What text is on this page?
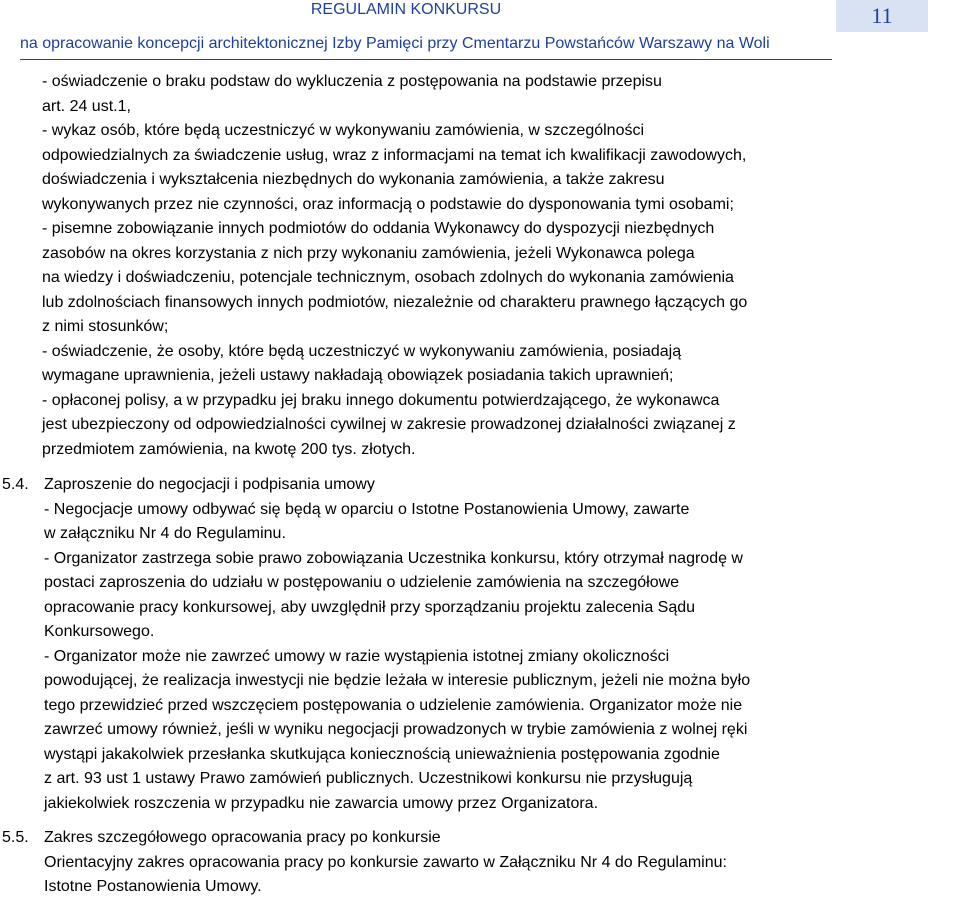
REGULAMIN KONKURSU
na opracowanie koncepcji architektonicznej Izby Pamięci przy Cmentarzu Powstańców Warszawy na Woli
11
- oświadczenie o braku podstaw do wykluczenia z postępowania na podstawie przepisu
art. 24 ust.1,
- wykaz osób, które będą uczestniczyć w wykonywaniu zamówienia, w szczególności
odpowiedzialnych za świadczenie usług, wraz z informacjami na temat ich kwalifikacji zawodowych,
doświadczenia i wykształcenia niezbędnych do wykonania zamówienia, a także zakresu
wykonywanych przez nie czynności, oraz informacją o podstawie do dysponowania tymi osobami;
- pisemne zobowiązanie innych podmiotów do oddania Wykonawcy do dyspozycji niezbędnych
zasobów na okres korzystania z nich przy wykonaniu zamówienia, jeżeli Wykonawca polega
na wiedzy i doświadczeniu, potencjale technicznym, osobach zdolnych do wykonania zamówienia
lub zdolnościach finansowych innych podmiotów, niezależnie od charakteru prawnego łączących go
z nimi stosunków;
- oświadczenie, że osoby, które będą uczestniczyć w wykonywaniu zamówienia, posiadają
wymagane uprawnienia, jeżeli ustawy nakładają obowiązek posiadania takich uprawnień;
- opłaconej polisy, a w przypadku jej braku innego dokumentu potwierdzającego, że wykonawca
jest ubezpieczony od odpowiedzialności cywilnej w zakresie prowadzonej działalności związanej z
przedmiotem zamówienia, na kwotę 200 tys. złotych.
5.4. Zaproszenie do negocjacji i podpisania umowy
- Negocjacje umowy odbywać się będą w oparciu o Istotne Postanowienia Umowy, zawarte
w załączniku Nr 4 do Regulaminu.
- Organizator zastrzega sobie prawo zobowiązania Uczestnika konkursu, który otrzymał nagrodę w
postaci zaproszenia do udziału w postępowaniu o udzielenie zamówienia na szczegółowe
opracowanie pracy konkursowej, aby uwzględnił przy sporządzaniu projektu zalecenia Sądu
Konkursowego.
- Organizator może nie zawrzeć umowy w razie wystąpienia istotnej zmiany okoliczności
powodującej, że realizacja inwestycji nie będzie leżała w interesie publicznym, jeżeli nie można było
tego przewidzieć przed wszczęciem postępowania o udzielenie zamówienia. Organizator może nie
zawrzeć umowy również, jeśli w wyniku negocjacji prowadzonych w trybie zamówienia z wolnej ręki
wystąpi jakakolwiek przesłanka skutkująca koniecznością unieważnienia postępowania zgodnie
z art. 93 ust 1 ustawy Prawo zamówień publicznych. Uczestnikowi konkursu nie przysługują
jakiekolwiek roszczenia w przypadku nie zawarcia umowy przez Organizatora.
5.5. Zakres szczegółowego opracowania pracy po konkursie
Orientacyjny zakres opracowania pracy po konkursie zawarto w Załączniku Nr 4 do Regulaminu:
Istotne Postanowienia Umowy.
